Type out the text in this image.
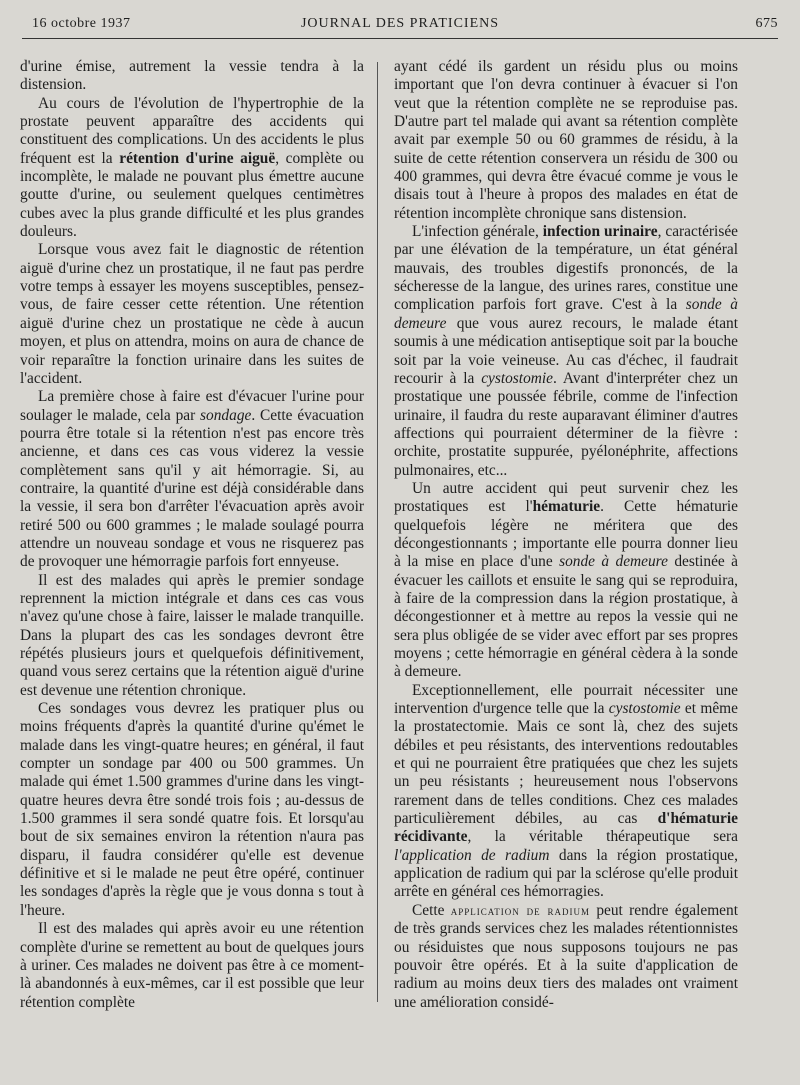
16 octobre 1937	JOURNAL DES PRATICIENS	675

d'urine émise, autrement la vessie tendra à la distension.

Au cours de l'évolution de l'hypertrophie de la prostate peuvent apparaître des accidents qui constituent des complications. Un des accidents le plus fréquent est la rétention d'urine aiguë, complète ou incomplète, le malade ne pouvant plus émettre aucune goutte d'urine, ou seulement quelques centimètres cubes avec la plus grande difficulté et les plus grandes douleurs.

Lorsque vous avez fait le diagnostic de rétention aiguë d'urine chez un prostatique, il ne faut pas perdre votre temps à essayer les moyens susceptibles, pensez-vous, de faire cesser cette rétention. Une rétention aiguë d'urine chez un prostatique ne cède à aucun moyen, et plus on attendra, moins on aura de chance de voir reparaître la fonction urinaire dans les suites de l'accident.

La première chose à faire est d'évacuer l'urine pour soulager le malade, cela par sondage. Cette évacuation pourra être totale si la rétention n'est pas encore très ancienne, et dans ces cas vous viderez la vessie complètement sans qu'il y ait hémorragie. Si, au contraire, la quantité d'urine est déjà considérable dans la vessie, il sera bon d'arrêter l'évacuation après avoir retiré 500 ou 600 grammes ; le malade soulagé pourra attendre un nouveau sondage et vous ne risquerez pas de provoquer une hémorragie parfois fort ennyeuse.

Il est des malades qui après le premier sondage reprennent la miction intégrale et dans ces cas vous n'avez qu'une chose à faire, laisser le malade tranquille. Dans la plupart des cas les sondages devront être répétés plusieurs jours et quelquefois définitivement, quand vous serez certains que la rétention aiguë d'urine est devenue une rétention chronique.

Ces sondages vous devrez les pratiquer plus ou moins fréquents d'après la quantité d'urine qu'émet le malade dans les vingt-quatre heures; en général, il faut compter un sondage par 400 ou 500 grammes. Un malade qui émet 1.500 grammes d'urine dans les vingt-quatre heures devra être sondé trois fois ; au-dessus de 1.500 grammes il sera sondé quatre fois. Et lorsqu'au bout de six semaines environ la rétention n'aura pas disparu, il faudra considérer qu'elle est devenue définitive et si le malade ne peut être opéré, continuer les sondages d'après la règle que je vous donna s tout à l'heure.

Il est des malades qui après avoir eu une rétention complète d'urine se remettent au bout de quelques jours à uriner. Ces malades ne doivent pas être à ce moment-là abandonnés à eux-mêmes, car il est possible que leur rétention complète

ayant cédé ils gardent un résidu plus ou moins important que l'on devra continuer à évacuer si l'on veut que la rétention complète ne se reproduise pas. D'autre part tel malade qui avant sa rétention complète avait par exemple 50 ou 60 grammes de résidu, à la suite de cette rétention conservera un résidu de 300 ou 400 grammes, qui devra être évacué comme je vous le disais tout à l'heure à propos des malades en état de rétention incomplète chronique sans distension.

L'infection générale, infection urinaire, caractérisée par une élévation de la température, un état général mauvais, des troubles digestifs prononcés, de la sécheresse de la langue, des urines rares, constitue une complication parfois fort grave. C'est à la sonde à demeure que vous aurez recours, le malade étant soumis à une médication antiseptique soit par la bouche soit par la voie veineuse. Au cas d'échec, il faudrait recourir à la cystostomie. Avant d'interpréter chez un prostatique une poussée fébrile, comme de l'infection urinaire, il faudra du reste auparavant éliminer d'autres affections qui pourraient déterminer de la fièvre : orchite, prostatite suppurée, pyélonéphrite, affections pulmonaires, etc...

Un autre accident qui peut survenir chez les prostatiques est l'hématurie. Cette hématurie quelquefois légère ne méritera que des décongestionnants ; importante elle pourra donner lieu à la mise en place d'une sonde à demeure destinée à évacuer les caillots et ensuite le sang qui se reproduira, à faire de la compression dans la région prostatique, à décongestionner et à mettre au repos la vessie qui ne sera plus obligée de se vider avec effort par ses propres moyens ; cette hémorragie en général cèdera à la sonde à demeure.

Exceptionnellement, elle pourrait nécessiter une intervention d'urgence telle que la cystostomie et même la prostatectomie. Mais ce sont là, chez des sujets débiles et peu résistants, des interventions redoutables et qui ne pourraient être pratiquées que chez les sujets un peu résistants ; heureusement nous l'observons rarement dans de telles conditions. Chez ces malades particulièrement débiles, au cas d'hématurie récidivante, la véritable thérapeutique sera l'application de radium dans la région prostatique, application de radium qui par la sclérose qu'elle produit arrête en général ces hémorragies.

Cette application de radium peut rendre également de très grands services chez les malades rétentionnistes ou résiduistes que nous supposons toujours ne pas pouvoir être opérés. Et à la suite d'application de radium au moins deux tiers des malades ont vraiment une amélioration considé-
